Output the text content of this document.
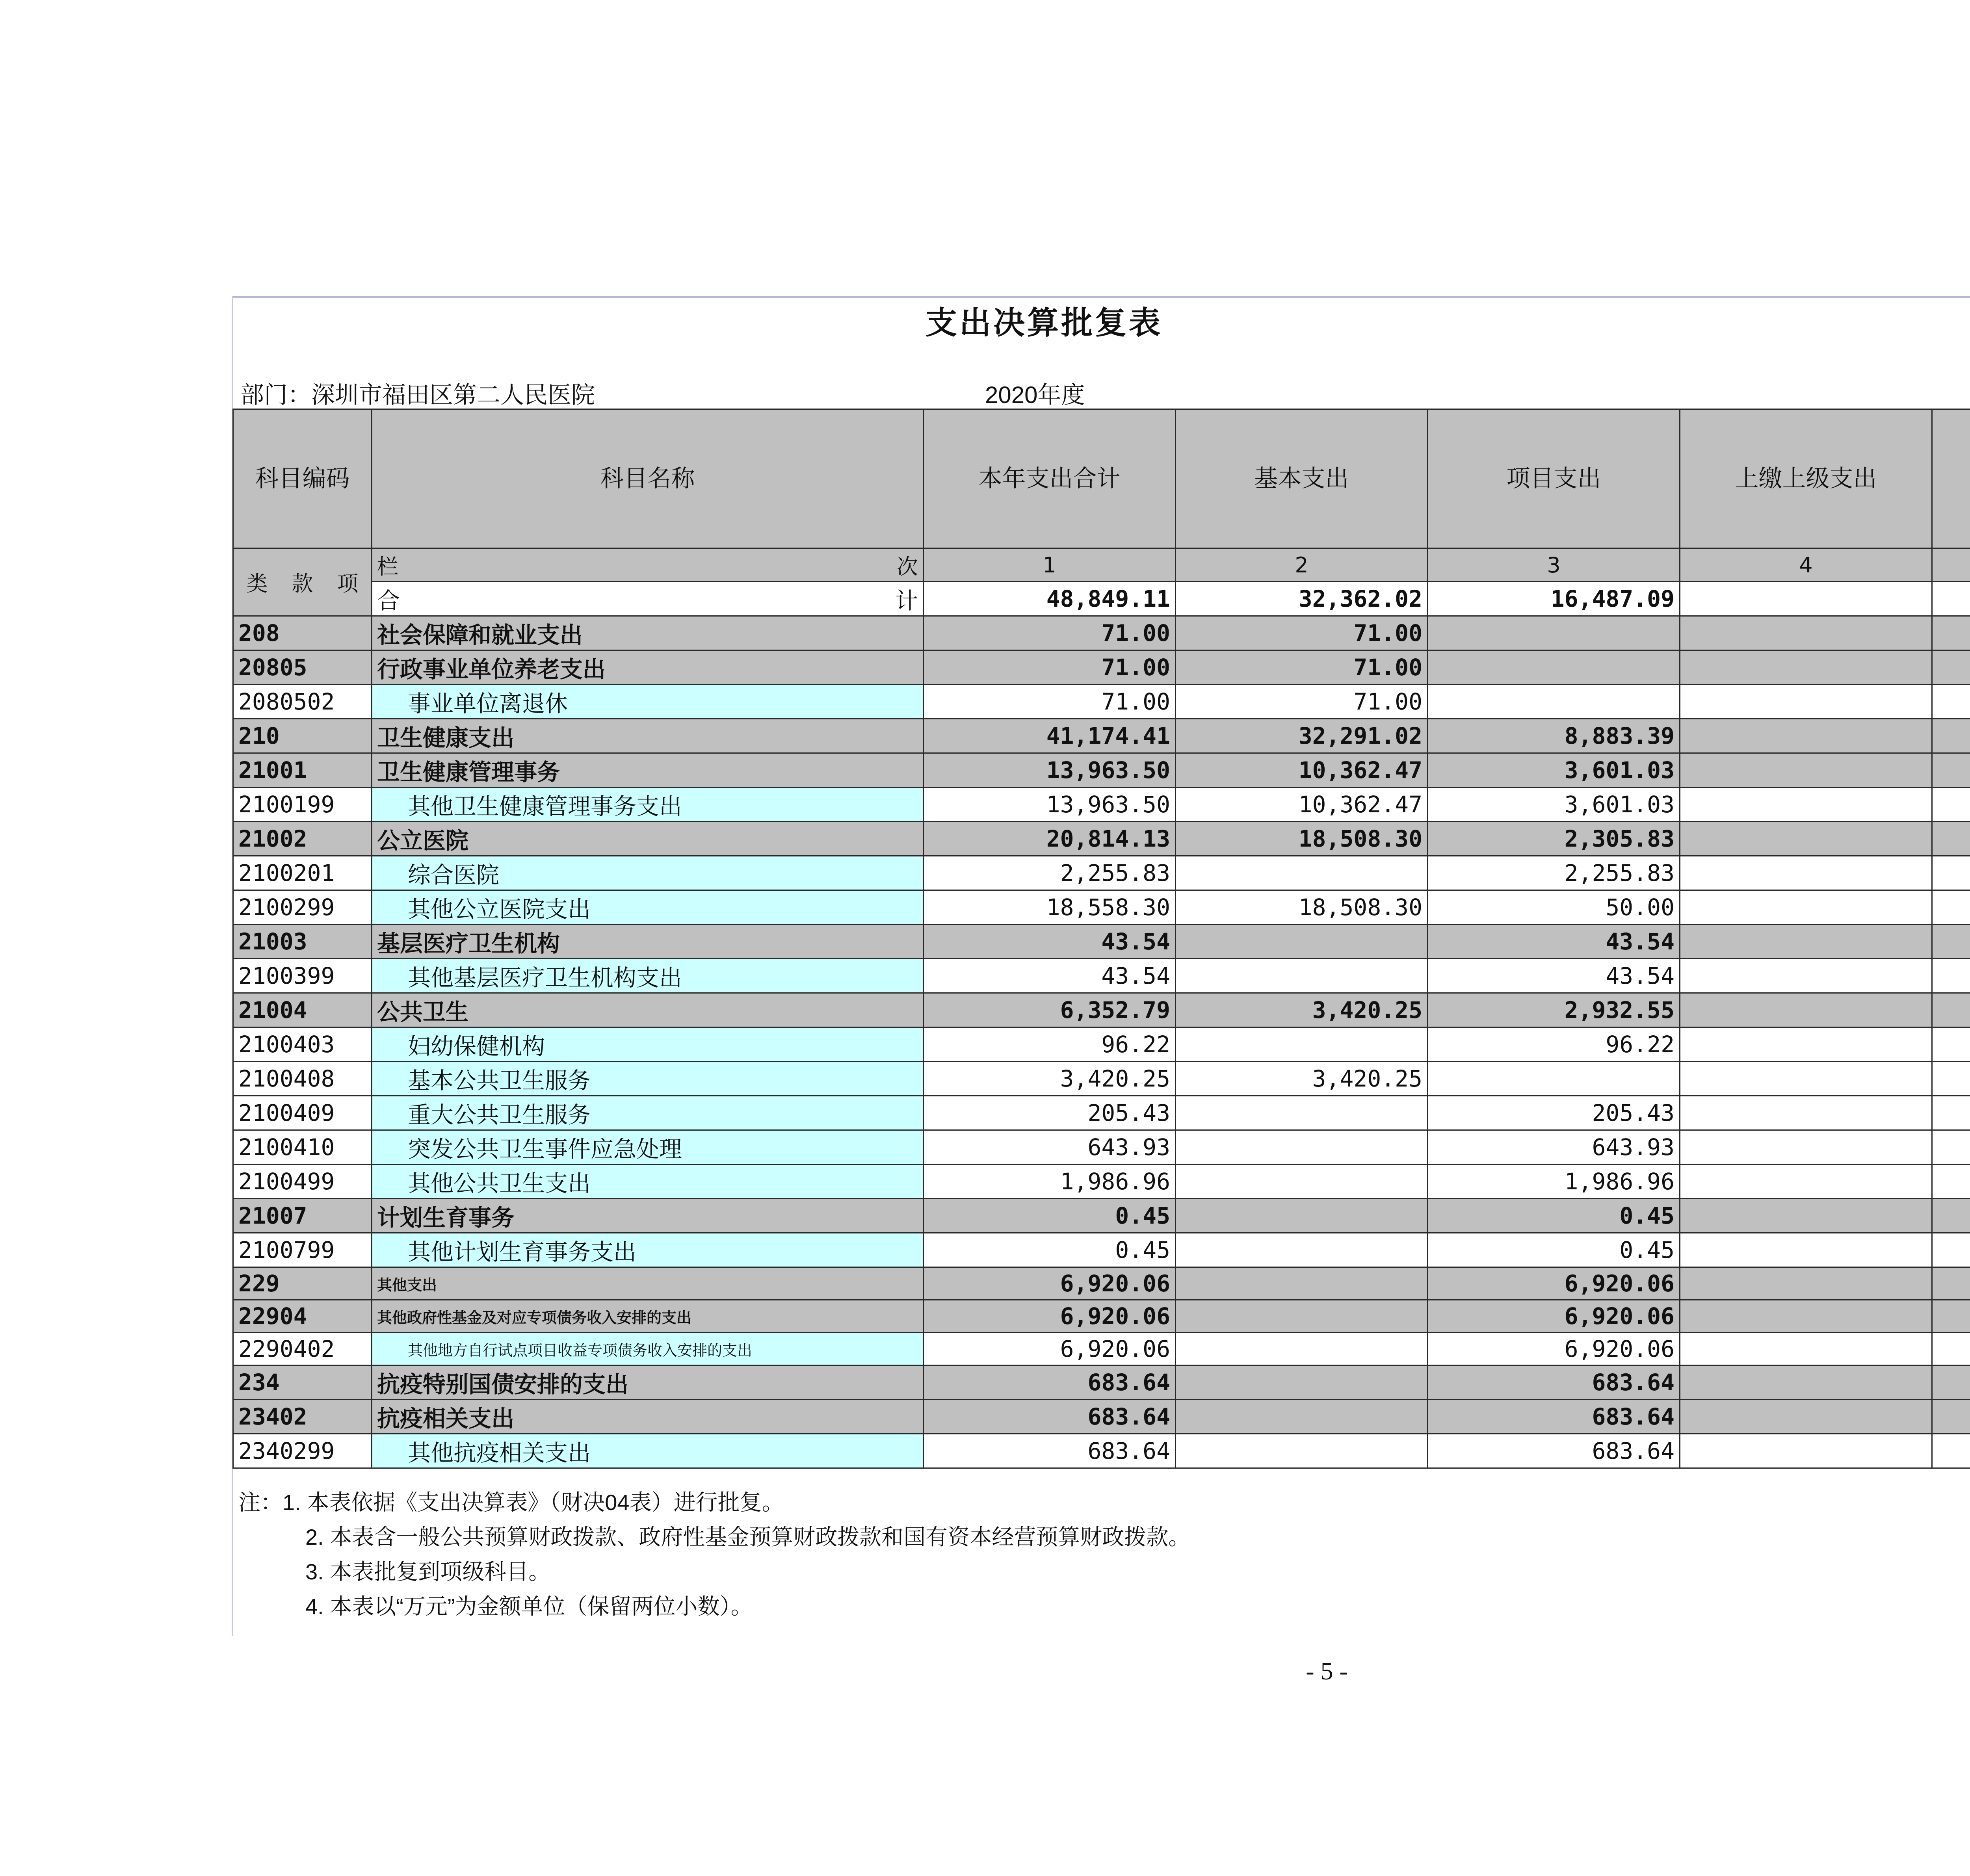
支出决算批复表
部门：深圳市福田区第二人民医院	2020年度
科目编码	科目名称	本年支出合计	基本支出	项目支出	上缴上级支出		
类 款 项	栏 次	1	2	3	4		

	合 计	48,849.11	32,362.02	16,487.09			
208	社会保障和就业支出	71.00	71.00				
20805	行政事业单位养老支出	71.00	71.00				
2080502	事业单位离退休	71.00	71.00				
210	卫生健康支出	41,174.41	32,291.02	8,883.39			
21001	卫生健康管理事务	13,963.50	10,362.47	3,601.03			
2100199	其他卫生健康管理事务支出	13,963.50	10,362.47	3,601.03			
21002	公立医院	20,814.13	18,508.30	2,305.83			
2100201	综合医院	2,255.83		2,255.83			
2100299	其他公立医院支出	18,558.30	18,508.30	50.00			
21003	基层医疗卫生机构	43.54		43.54			
2100399	其他基层医疗卫生机构支出	43.54		43.54			
21004	公共卫生	6,352.79	3,420.25	2,932.55			
2100403	妇幼保健机构	96.22		96.22			
2100408	基本公共卫生服务	3,420.25	3,420.25				
2100409	重大公共卫生服务	205.43		205.43			
2100410	突发公共卫生事件应急处理	643.93		643.93			
2100499	其他公共卫生支出	1,986.96		1,986.96			
21007	计划生育事务	0.45		0.45			
2100799	其他计划生育事务支出	0.45		0.45			
229	其他支出	6,920.06		6,920.06			
22904	其他政府性基金及对应专项债务收入安排的支出	6,920.06		6,920.06			
2290402	其他地方自行试点项目收益专项债务收入安排的支出	6,920.06		6,920.06			
234	抗疫特别国债安排的支出	683.64		683.64			
23402	抗疫相关支出	683.64		683.64			
2340299	其他抗疫相关支出	683.64		683.64			
注：1. 本表依据《支出决算表》（财决04表）进行批复。
2. 本表含一般公共预算财政拨款、政府性基金预算财政拨款和国有资本经营预算财政拨款。
3. 本表批复到项级科目。
4. 本表以“万元”为金额单位（保留两位小数）。
- 5 -
